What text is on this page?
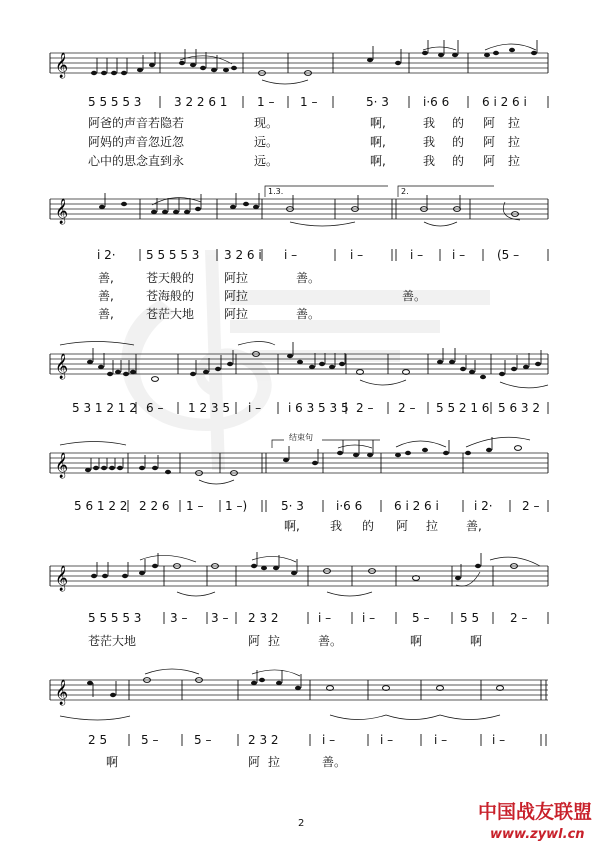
𝄞
5 5 5 5 3	3 2 2 6 1 1 – 1 –	5· 3	i·6 6	6 i 2 6 i
阿爸的声音若隐若	现。	啊,	我 的 阿 拉
阿妈的声音忽近忽	远。	啊,	我 的 阿 拉
心中的思念直到永	远。	啊,	我 的 阿 拉
𝄞
1.3.	2.
i 2·	5 5 5 5 3 3 2 6 i i –	i –	i – i –	(5 –
善,	苍天般的 阿拉	善。
善,	苍海般的 阿拉	善。
善,	苍茫大地 阿拉	善。
𝄞
5 3 1 2 1 2 6 – 1 2 3 5 i – i 6 3 5 3 5 2 – 2 – 5 5 2 1 6 5 6 3 2
结束句
𝄞
5 6 1 2 2 2 2 6 1 – 1 –)	5· 3	i·6 6	6 i 2 6 i	i 2· 2 –
啊,	我 的 阿 拉 善,
𝄞
5 5 5 5 3 3 – 3 – 2 3 2	i –	i –	5 –	5 5	2 –
苍茫大地	阿 拉	善。	啊	啊
𝄞
2 5	5 –	5 –	2 3 2	i –	i –	i –	i –
啊	阿 拉	善。
2
中国战友联盟
www.zywl.cn
